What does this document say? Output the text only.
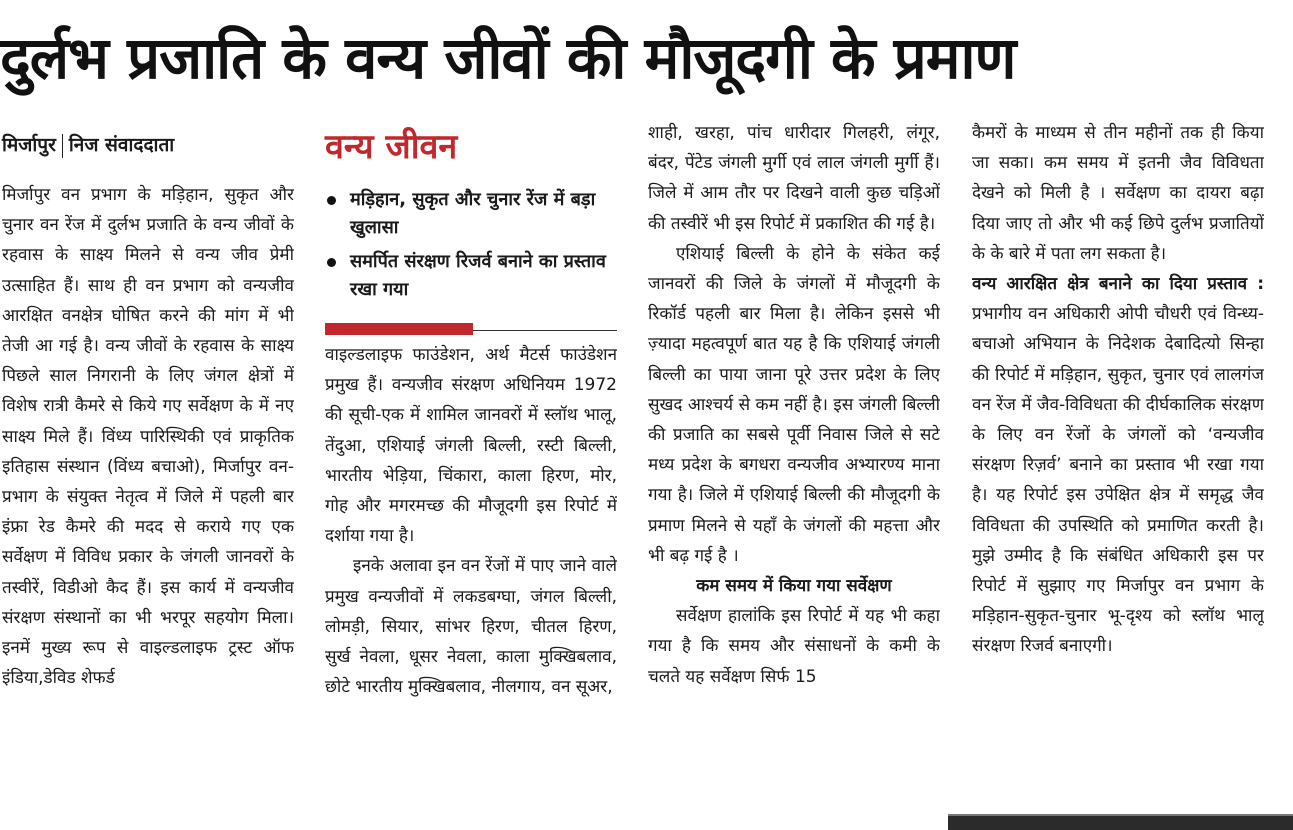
दुर्लभ प्रजाति के वन्य जीवों की मौजूदगी के प्रमाण
मिर्जापुर निज संवाददाता

मिर्जापुर वन प्रभाग के मड़िहान, सुकृत और चुनार वन रेंज में दुर्लभ प्रजाति के वन्य जीवों के रहवास के साक्ष्य मिलने से वन्य जीव प्रेमी उत्साहित हैं। साथ ही वन प्रभाग को वन्यजीव आरक्षित वनक्षेत्र घोषित करने की मांग में भी तेजी आ गई है। वन्य जीवों के रहवास के साक्ष्य पिछले साल निगरानी के लिए जंगल क्षेत्रों में विशेष रात्री कैमरे से किये गए सर्वेक्षण के में नए साक्ष्य मिले हैं। विंध्य पारिस्थिकी एवं प्राकृतिक इतिहास संस्थान (विंध्य बचाओ), मिर्जापुर वन-प्रभाग के संयुक्त नेतृत्व में जिले में पहली बार इंफ्रा रेड कैमरे की मदद से कराये गए एक सर्वेक्षण में विविध प्रकार के जंगली जानवरों के तस्वीरें, विडीओ कैद हैं। इस कार्य में वन्यजीव संरक्षण संस्थानों का भी भरपूर सहयोग मिला। इनमें मुख्य रूप से वाइल्डलाइफ ट्रस्ट ऑफ इंडिया,डेविड शेफर्ड

वन्य जीवन
मड़िहान, सुकृत और चुनार रेंज में बड़ा खुलासा
समर्पित संरक्षण रिजर्व बनाने का प्रस्ताव रखा गया

वाइल्डलाइफ फाउंडेशन, अर्थ मैटर्स फाउंडेशन प्रमुख हैं। वन्यजीव संरक्षण अधिनियम 1972 की सूची-एक में शामिल जानवरों में स्लॉथ भालू, तेंदुआ, एशियाई जंगली बिल्ली, रस्टी बिल्ली, भारतीय भेड़िया, चिंकारा, काला हिरण, मोर, गोह और मगरमच्छ की मौजूदगी इस रिपोर्ट में दर्शाया गया है।

इनके अलावा इन वन रेंजों में पाए जाने वाले प्रमुख वन्यजीवों में लकडबग्घा, जंगल बिल्ली, लोमड़ी, सियार, सांभर हिरण, चीतल हिरण, सुर्ख नेवला, धूसर नेवला, काला मुक्खिबलाव, छोटे भारतीय मुक्खिबलाव, नीलगाय, वन सूअर,

शाही, खरहा, पांच धारीदार गिलहरी, लंगूर, बंदर, पेंटेड जंगली मुर्गी एवं लाल जंगली मुर्गी हैं। जिले में आम तौर पर दिखने वाली कुछ चड़िओं की तस्वीरें भी इस रिपोर्ट में प्रकाशित की गई है।

एशियाई बिल्ली के होने के संकेत कई जानवरों की जिले के जंगलों में मौजूदगी के रिकॉर्ड पहली बार मिला है। लेकिन इससे भी ज़्यादा महत्वपूर्ण बात यह है कि एशियाई जंगली बिल्ली का पाया जाना पूरे उत्तर प्रदेश के लिए सुखद आश्चर्य से कम नहीं है। इस जंगली बिल्ली की प्रजाति का सबसे पूर्वी निवास जिले से सटे मध्य प्रदेश के बगधरा वन्यजीव अभ्यारण्य माना गया है। जिले में एशियाई बिल्ली की मौजूदगी के प्रमाण मिलने से यहाँ के जंगलों की महत्ता और भी बढ़ गई है ।

कम समय में किया गया सर्वेक्षण

सर्वेक्षण हालांकि इस रिपोर्ट में यह भी कहा गया है कि समय और संसाधनों के कमी के चलते यह सर्वेक्षण सिर्फ 15

कैमरों के माध्यम से तीन महीनों तक ही किया जा सका। कम समय में इतनी जैव विविधता देखने को मिली है । सर्वेक्षण का दायरा बढ़ा दिया जाए तो और भी कई छिपे दुर्लभ प्रजातियों के के बारे में पता लग सकता है।

वन्य आरक्षित क्षेत्र बनाने का दिया प्रस्ताव : प्रभागीय वन अधिकारी ओपी चौधरी एवं विन्ध्य-बचाओ अभियान के निदेशक देबादित्यो सिन्हा की रिपोर्ट में मड़िहान, सुकृत, चुनार एवं लालगंज वन रेंज में जैव-विविधता की दीर्घकालिक संरक्षण के लिए वन रेंजों के जंगलों को ‘वन्यजीव संरक्षण रिज़र्व’ बनाने का प्रस्ताव भी रखा गया है। यह रिपोर्ट इस उपेक्षित क्षेत्र में समृद्ध जैव विविधता की उपस्थिति को प्रमाणित करती है। मुझे उम्मीद है कि संबंधित अधिकारी इस पर रिपोर्ट में सुझाए गए मिर्जापुर वन प्रभाग के मड़िहान-सुकृत-चुनार भू-दृश्य को स्लॉथ भालू संरक्षण रिजर्व बनाएगी।
